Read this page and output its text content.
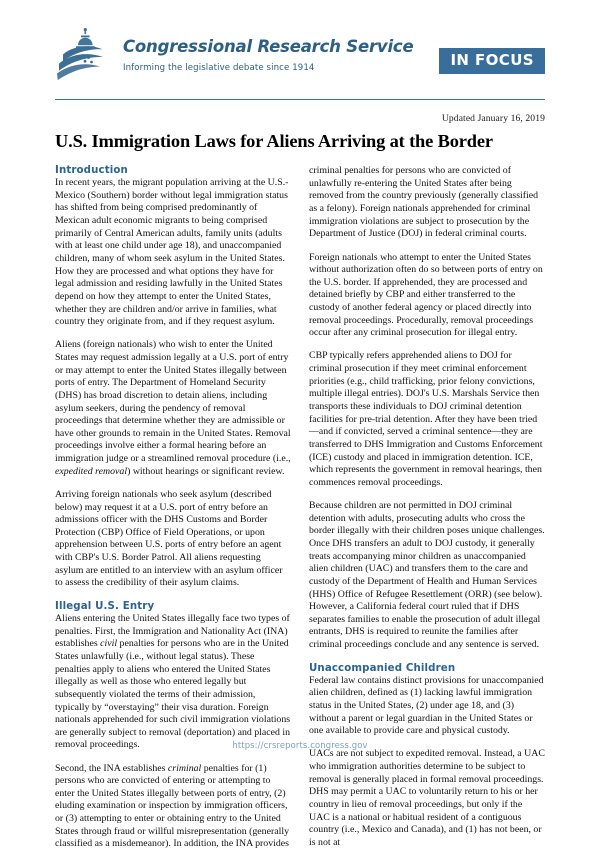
Congressional Research Service Informing the legislative debate since 1914	IN FOCUS
Updated January 16, 2019
U.S. Immigration Laws for Aliens Arriving at the Border
Introduction

In recent years, the migrant population arriving at the U.S.-Mexico (Southern) border without legal immigration status has shifted from being comprised predominantly of Mexican adult economic migrants to being comprised primarily of Central American adults, family units (adults with at least one child under age 18), and unaccompanied children, many of whom seek asylum in the United States. How they are processed and what options they have for legal admission and residing lawfully in the United States depend on how they attempt to enter the United States, whether they are children and/or arrive in families, what country they originate from, and if they request asylum.

Aliens (foreign nationals) who wish to enter the United States may request admission legally at a U.S. port of entry or may attempt to enter the United States illegally between ports of entry. The Department of Homeland Security (DHS) has broad discretion to detain aliens, including asylum seekers, during the pendency of removal proceedings that determine whether they are admissible or have other grounds to remain in the United States. Removal proceedings involve either a formal hearing before an immigration judge or a streamlined removal procedure (i.e., expedited removal) without hearings or significant review.

Arriving foreign nationals who seek asylum (described below) may request it at a U.S. port of entry before an admissions officer with the DHS Customs and Border Protection (CBP) Office of Field Operations, or upon apprehension between U.S. ports of entry before an agent with CBP's U.S. Border Patrol. All aliens requesting asylum are entitled to an interview with an asylum officer to assess the credibility of their asylum claims.

Illegal U.S. Entry

Aliens entering the United States illegally face two types of penalties. First, the Immigration and Nationality Act (INA) establishes civil penalties for persons who are in the United States unlawfully (i.e., without legal status). These penalties apply to aliens who entered the United States illegally as well as those who entered legally but subsequently violated the terms of their admission, typically by “overstaying” their visa duration. Foreign nationals apprehended for such civil immigration violations are generally subject to removal (deportation) and placed in removal proceedings.

Second, the INA establishes criminal penalties for (1) persons who are convicted of entering or attempting to enter the United States illegally between ports of entry, (2) eluding examination or inspection by immigration officers, or (3) attempting to enter or obtaining entry to the United States through fraud or willful misrepresentation (generally classified as a misdemeanor). In addition, the INA provides

criminal penalties for persons who are convicted of unlawfully re-entering the United States after being removed from the country previously (generally classified as a felony). Foreign nationals apprehended for criminal immigration violations are subject to prosecution by the Department of Justice (DOJ) in federal criminal courts.

Foreign nationals who attempt to enter the United States without authorization often do so between ports of entry on the U.S. border. If apprehended, they are processed and detained briefly by CBP and either transferred to the custody of another federal agency or placed directly into removal proceedings. Procedurally, removal proceedings occur after any criminal prosecution for illegal entry.

CBP typically refers apprehended aliens to DOJ for criminal prosecution if they meet criminal enforcement priorities (e.g., child trafficking, prior felony convictions, multiple illegal entries). DOJ's U.S. Marshals Service then transports these individuals to DOJ criminal detention facilities for pre-trial detention. After they have been tried—and if convicted, served a criminal sentence—they are transferred to DHS Immigration and Customs Enforcement (ICE) custody and placed in immigration detention. ICE, which represents the government in removal hearings, then commences removal proceedings.

Because children are not permitted in DOJ criminal detention with adults, prosecuting adults who cross the border illegally with their children poses unique challenges. Once DHS transfers an adult to DOJ custody, it generally treats accompanying minor children as unaccompanied alien children (UAC) and transfers them to the care and custody of the Department of Health and Human Services (HHS) Office of Refugee Resettlement (ORR) (see below). However, a California federal court ruled that if DHS separates families to enable the prosecution of adult illegal entrants, DHS is required to reunite the families after criminal proceedings conclude and any sentence is served.

Unaccompanied Children

Federal law contains distinct provisions for unaccompanied alien children, defined as (1) lacking lawful immigration status in the United States, (2) under age 18, and (3) without a parent or legal guardian in the United States or one available to provide care and physical custody.

UACs are not subject to expedited removal. Instead, a UAC who immigration authorities determine to be subject to removal is generally placed in formal removal proceedings. DHS may permit a UAC to voluntarily return to his or her country in lieu of removal proceedings, but only if the UAC is a national or habitual resident of a contiguous country (i.e., Mexico and Canada), and (1) has not been, or is not at

https://crsreports.congress.gov
